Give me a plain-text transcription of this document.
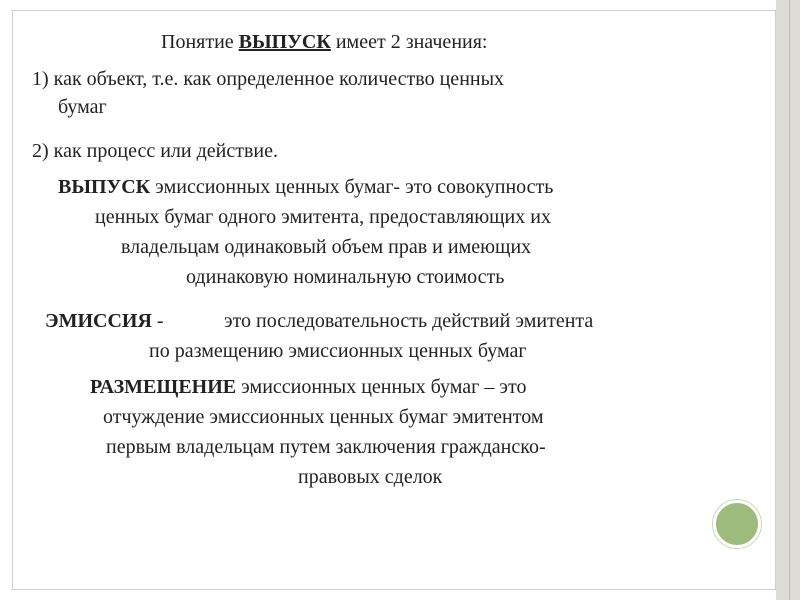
Понятие ВЫПУСК имеет 2 значения:
1) как объект, т.е. как определенное количество ценных
бумаг
2) как процесс или действие.
ВЫПУСК эмиссионных ценных бумаг- это совокупность
ценных бумаг одного эмитента, предоставляющих их
владельцам одинаковый объем прав и имеющих
одинаковую номинальную стоимость
ЭМИССИЯ -	это последовательность действий эмитента
по размещению эмиссионных ценных бумаг
РАЗМЕЩЕНИЕ эмиссионных ценных бумаг – это
отчуждение эмиссионных ценных бумаг эмитентом
первым владельцам путем заключения гражданско-
правовых сделок
